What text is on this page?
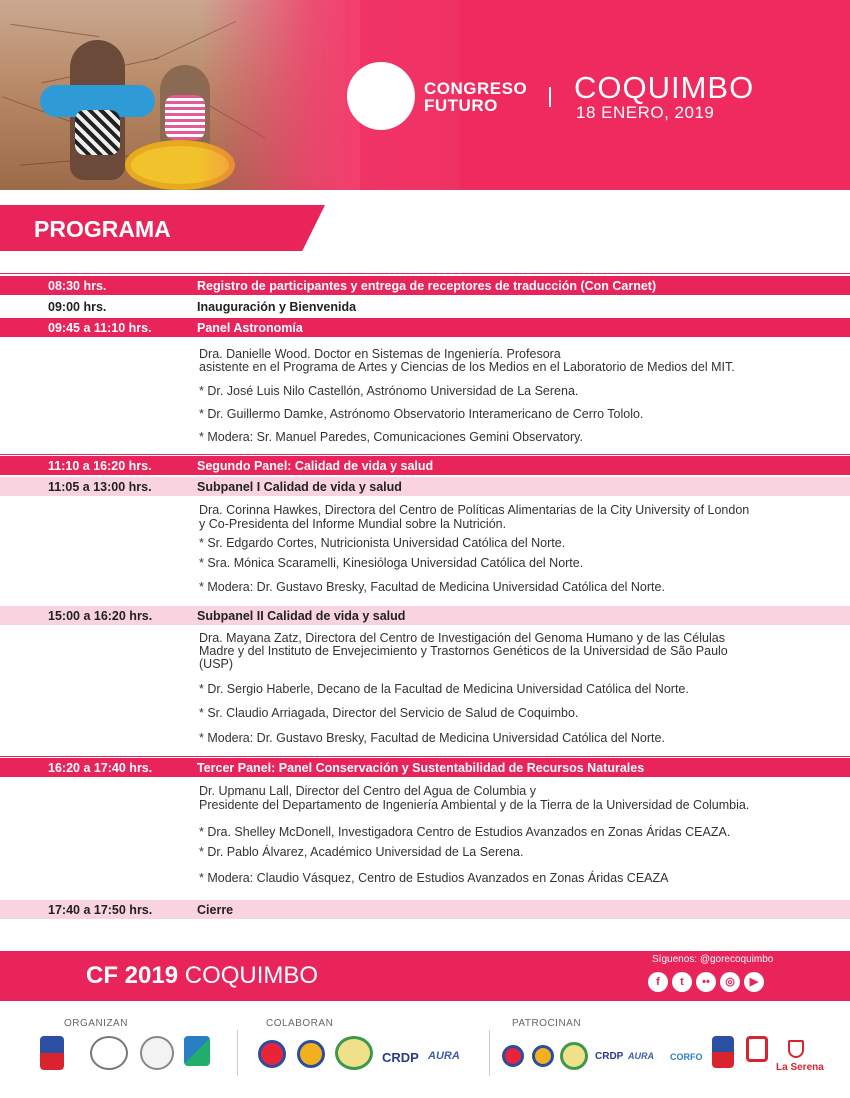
CONGRESO
FUTURO
COQUIMBO
18 ENERO, 2019
PROGRAMA
08:30 hrs.	Registro de participantes y entrega de receptores de traducción (Con Carnet)
09:00 hrs.	Inauguración y Bienvenida
09:45 a 11:10 hrs.	Panel Astronomía
Dra. Danielle Wood. Doctor en Sistemas de Ingeniería. Profesora
asistente en el Programa de Artes y Ciencias de los Medios en el Laboratorio de Medios del MIT.
* Dr. José Luis Nilo Castellón, Astrónomo Universidad de La Serena.
* Dr. Guillermo Damke, Astrónomo Observatorio Interamericano de Cerro Tololo.
* Modera: Sr. Manuel Paredes, Comunicaciones Gemini Observatory.
11:10 a 16:20 hrs.	Segundo Panel: Calidad de vida y salud
11:05 a 13:00 hrs.	Subpanel I Calidad de vida y salud
Dra. Corinna Hawkes, Directora del Centro de Políticas Alimentarias de la City University of London
y Co-Presidenta del Informe Mundial sobre la Nutrición.
* Sr. Edgardo Cortes, Nutricionista Universidad Católica del Norte.
* Sra. Mónica Scaramelli, Kinesióloga Universidad Católica del Norte.
* Modera: Dr. Gustavo Bresky, Facultad de Medicina Universidad Católica del Norte.
15:00 a 16:20 hrs.	Subpanel II Calidad de vida y salud
Dra. Mayana Zatz, Directora del Centro de Investigación del Genoma Humano y de las Células
Madre y del Instituto de Envejecimiento y Trastornos Genéticos de la Universidad de São Paulo
(USP)
* Dr. Sergio Haberle, Decano de la Facultad de Medicina Universidad Católica del Norte.
* Sr. Claudio Arriagada, Director del Servicio de Salud de Coquimbo.
* Modera: Dr. Gustavo Bresky, Facultad de Medicina Universidad Católica del Norte.
16:20 a 17:40 hrs.	Tercer Panel: Panel Conservación y Sustentabilidad de Recursos Naturales
Dr. Upmanu Lall, Director del Centro del Agua de Columbia y
Presidente del Departamento de Ingeniería Ambiental y de la Tierra de la Universidad de Columbia.
* Dra. Shelley McDonell, Investigadora Centro de Estudios Avanzados en Zonas Áridas CEAZA.
* Dr. Pablo Álvarez, Académico Universidad de La Serena.
* Modera: Claudio Vásquez, Centro de Estudios Avanzados en Zonas Áridas CEAZA
17:40 a 17:50 hrs.	Cierre
CF 2019 COQUIMBO
Síguenos: @gorecoquimbo
f	t	••	◎	▶
ORGANIZAN	COLABORAN	PATROCINAN
CRDP AURA	CRDP AURA CORFO
La Serena
